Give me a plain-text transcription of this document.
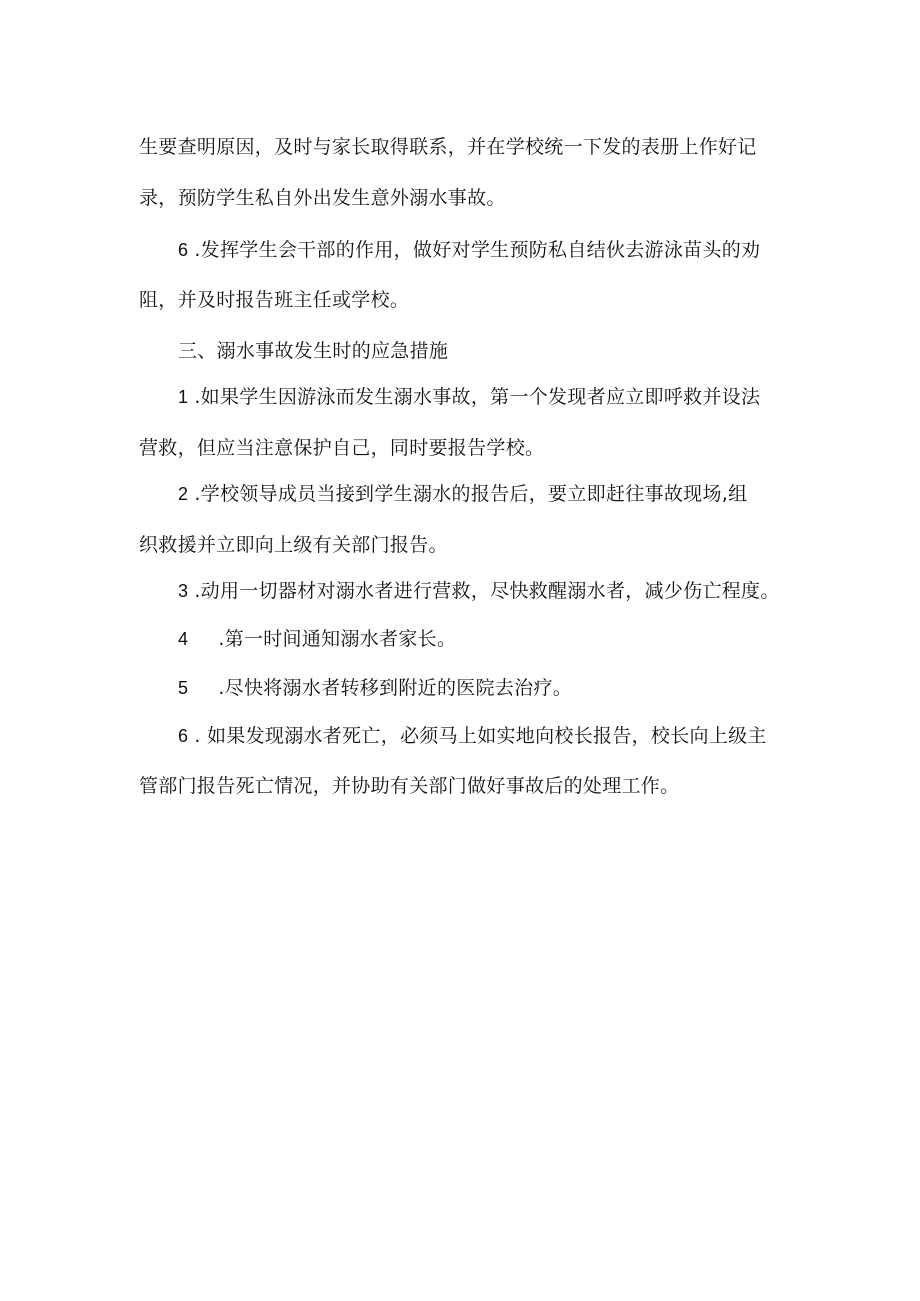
生要查明原因，及时与家长取得联系，并在学校统一下发的表册上作好记
录，预防学生私自外出发生意外溺水事故。
6 .发挥学生会干部的作用，做好对学生预防私自结伙去游泳苗头的劝
阻，并及时报告班主任或学校。
三、溺水事故发生时的应急措施
1 .如果学生因游泳而发生溺水事故，第一个发现者应立即呼救并设法
营救，但应当注意保护自己，同时要报告学校。
2 .学校领导成员当接到学生溺水的报告后，要立即赶往事故现场,组
织救援并立即向上级有关部门报告。
3 .动用一切器材对溺水者进行营救，尽快救醒溺水者，减少伤亡程度。
4 .第一时间通知溺水者家长。
5 .尽快将溺水者转移到附近的医院去治疗。
6 . 如果发现溺水者死亡，必须马上如实地向校长报告，校长向上级主
管部门报告死亡情况，并协助有关部门做好事故后的处理工作。
